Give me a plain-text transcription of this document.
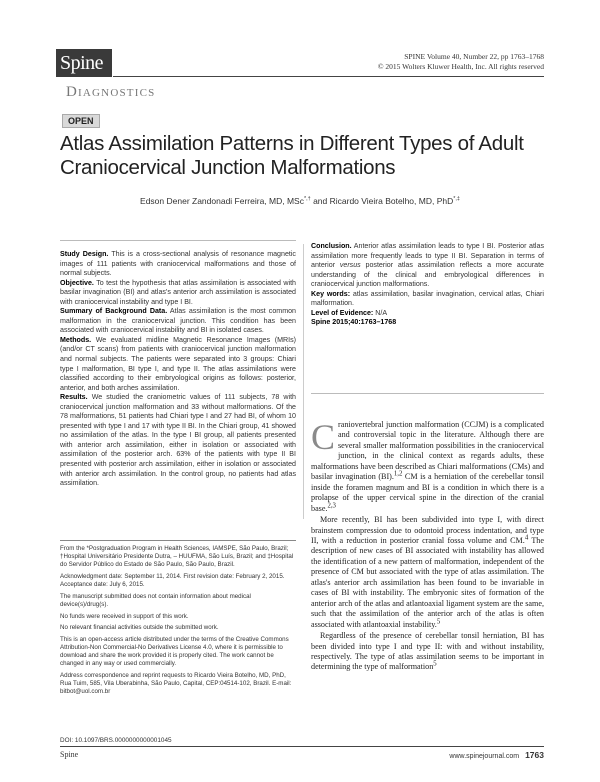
SPINE Volume 40, Number 22, pp 1763–1768
© 2015 Wolters Kluwer Health, Inc. All rights reserved
Spine
Diagnostics
OPEN
Atlas Assimilation Patterns in Different Types of Adult Craniocervical Junction Malformations
Edson Dener Zandonadi Ferreira, MD, MSc*,† and Ricardo Vieira Botelho, MD, PhD*,‡

Study Design. This is a cross-sectional analysis of resonance magnetic images of 111 patients with craniocervical malformations and those of normal subjects.

Objective. To test the hypothesis that atlas assimilation is associated with basilar invagination (BI) and atlas's anterior arch assimilation is associated with craniocervical instability and type I BI.

Summary of Background Data. Atlas assimilation is the most common malformation in the craniocervical junction. This condition has been associated with craniocervical instability and BI in isolated cases.

Methods. We evaluated midline Magnetic Resonance Images (MRIs) (and/or CT scans) from patients with craniocervical junction malformation and normal subjects. The patients were separated into 3 groups: Chiari type I malformation, BI type I, and type II. The atlas assimilations were classified according to their embryological origins as follows: posterior, anterior, and both arches assimilation.

Results. We studied the craniometric values of 111 subjects, 78 with craniocervical junction malformation and 33 without malformations. Of the 78 malformations, 51 patients had Chiari type I and 27 had BI, of whom 10 presented with type I and 17 with type II BI. In the Chiari group, 41 showed no assimilation of the atlas. In the type I BI group, all patients presented with anterior arch assimilation, either in isolation or associated with assimilation of the posterior arch. 63% of the patients with type II BI presented with posterior arch assimilation, either in isolation or associated with anterior arch assimilation. In the control group, no patients had atlas assimilation.

Conclusion. Anterior atlas assimilation leads to type I BI. Posterior atlas assimilation more frequently leads to type II BI. Separation in terms of anterior versus posterior atlas assimilation reflects a more accurate understanding of the clinical and embryological differences in craniocervical junction malformations.

Key words: atlas assimilation, basilar invagination, cervical atlas, Chiari malformation.

Level of Evidence: N/A

Spine 2015;40:1763–1768

Craniovertebral junction malformation (CCJM) is a complicated and controversial topic in the literature. Although there are several smaller malformation possibilities in the craniocervical junction, in the clinical context as regards adults, these malformations have been described as Chiari malformations (CMs) and basilar invagination (BI).$^{1,2}$ CM is a herniation of the cerebellar tonsil inside the foramen magnum and BI is a condition in which there is a prolapse of the upper cervical spine in the direction of the cranial base.$^{2,3}$

More recently, BI has been subdivided into type I, with direct brainstem compression due to odontoid process indentation, and type II, with a reduction in posterior cranial fossa volume and CM.$^4$ The description of new cases of BI associated with instability has allowed the identification of a new pattern of malformation, independent of the presence of CM but associated with the type of atlas assimilation. The atlas's anterior arch assimilation has been found to be invariable in cases of BI with instability. The embryonic sites of formation of the anterior arch of the atlas and atlantoaxial ligament system are the same, such that the assimilation of the anterior arch of the atlas is often associated with atlantoaxial instability.$^5$

Regardless of the presence of cerebellar tonsil herniation, BI has been divided into type I and type II: with and without instability, respectively. The type of atlas assimilation seems to be important in determining the type of malformation$^5$

From the *Postgraduation Program in Health Sciences, IAMSPE, São Paulo, Brazil; †Hospital Universitário Presidente Dutra, – HUUFMA, São Luís, Brazil; and ‡Hospital do Servidor Público do Estado de São Paulo, São Paulo, Brazil.

Acknowledgment date: September 11, 2014. First revision date: February 2, 2015. Acceptance date: July 6, 2015.

The manuscript submitted does not contain information about medical device(s)/drug(s).

No funds were received in support of this work.

No relevant financial activities outside the submitted work.

This is an open-access article distributed under the terms of the Creative Commons Attribution-Non Commercial-No Derivatives License 4.0, where it is permissible to download and share the work provided it is properly cited. The work cannot be changed in any way or used commercially.

Address correspondence and reprint requests to Ricardo Vieira Botelho, MD, PhD, Rua Tuim, 585, Vila Uberabinha, São Paulo, Capital, CEP:04514-102, Brazil. E-mail: bitbot@uol.com.br

DOI: 10.1097/BRS.0000000000001045
Spine	www.spinejournal.com 1763
